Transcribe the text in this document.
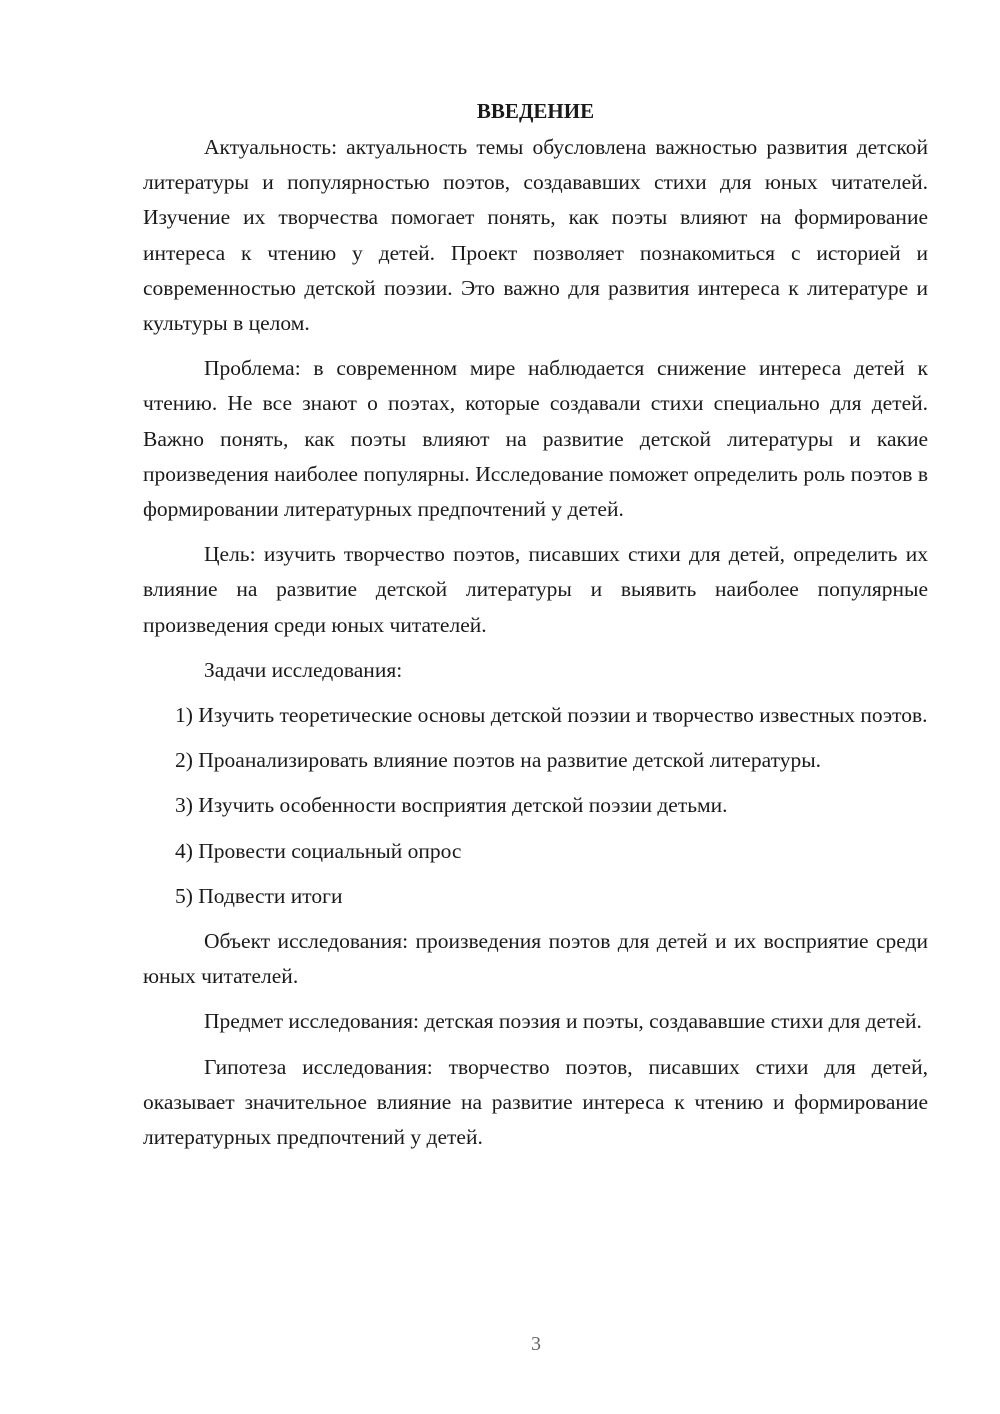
ВВЕДЕНИЕ

Актуальность: актуальность темы обусловлена важностью развития детской литературы и популярностью поэтов, создававших стихи для юных читателей. Изучение их творчества помогает понять, как поэты влияют на формирование интереса к чтению у детей. Проект позволяет познакомиться с историей и современностью детской поэзии. Это важно для развития интереса к литературе и культуры в целом.

Проблема: в современном мире наблюдается снижение интереса детей к чтению. Не все знают о поэтах, которые создавали стихи специально для детей. Важно понять, как поэты влияют на развитие детской литературы и какие произведения наиболее популярны. Исследование поможет определить роль поэтов в формировании литературных предпочтений у детей.

Цель: изучить творчество поэтов, писавших стихи для детей, определить их влияние на развитие детской литературы и выявить наиболее популярные произведения среди юных читателей.

Задачи исследования:

1) Изучить теоретические основы детской поэзии и творчество известных поэтов.

2) Проанализировать влияние поэтов на развитие детской литературы.

3) Изучить особенности восприятия детской поэзии детьми.

4) Провести социальный опрос

5) Подвести итоги

Объект исследования: произведения поэтов для детей и их восприятие среди юных читателей.

Предмет исследования: детская поэзия и поэты, создававшие стихи для детей.

Гипотеза исследования: творчество поэтов, писавших стихи для детей, оказывает значительное влияние на развитие интереса к чтению и формирование литературных предпочтений у детей.

3
